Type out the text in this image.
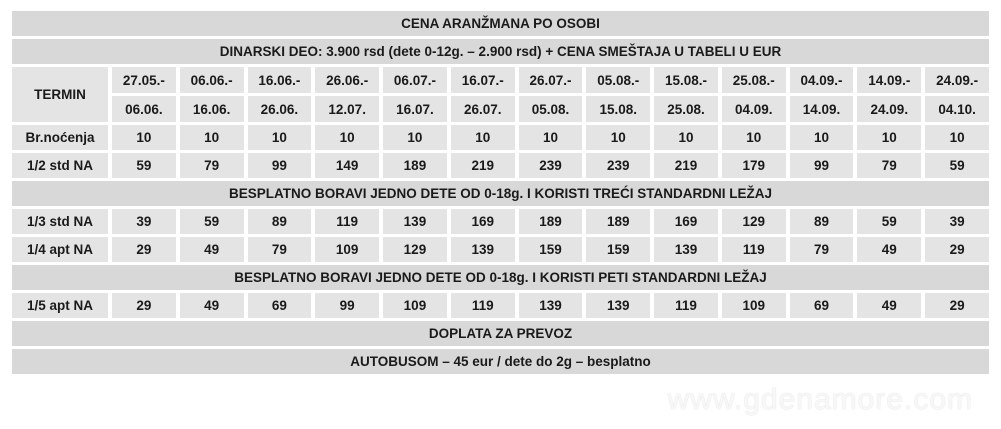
CENA ARANŽMANA PO OSOBI													
DINARSKI DEO: 3.900 rsd (dete 0-12g. – 2.900 rsd) + CENA SMEŠTAJA U TABELI U EUR													
TERMIN	27.05.-	06.06.-	16.06.-	26.06.-	06.07.-	16.07.-	26.07.-	05.08.-	15.08.-	25.08.-	04.09.-	14.09.-	24.09.-
	06.06.	16.06.	26.06.	12.07.	16.07.	26.07.	05.08.	15.08.	25.08.	04.09.	14.09.	24.09.	04.10.
Br.noćenja	10	10	10	10	10	10	10	10	10	10	10	10	10
1/2 std NA	59	79	99	149	189	219	239	239	219	179	99	79	59
BESPLATNO BORAVI JEDNO DETE OD 0-18g. I KORISTI TREĆI STANDARDNI LEŽAJ													
1/3 std NA	39	59	89	119	139	169	189	189	169	129	89	59	39
1/4 apt NA	29	49	79	109	129	139	159	159	139	119	79	49	29
BESPLATNO BORAVI JEDNO DETE OD 0-18g. I KORISTI PETI STANDARDNI LEŽAJ													
1/5 apt NA	29	49	69	99	109	119	139	139	119	109	69	49	29
DOPLATA ZA PREVOZ													
AUTOBUSOM – 45 eur / dete do 2g – besplatno													
www.gdenamore.com
